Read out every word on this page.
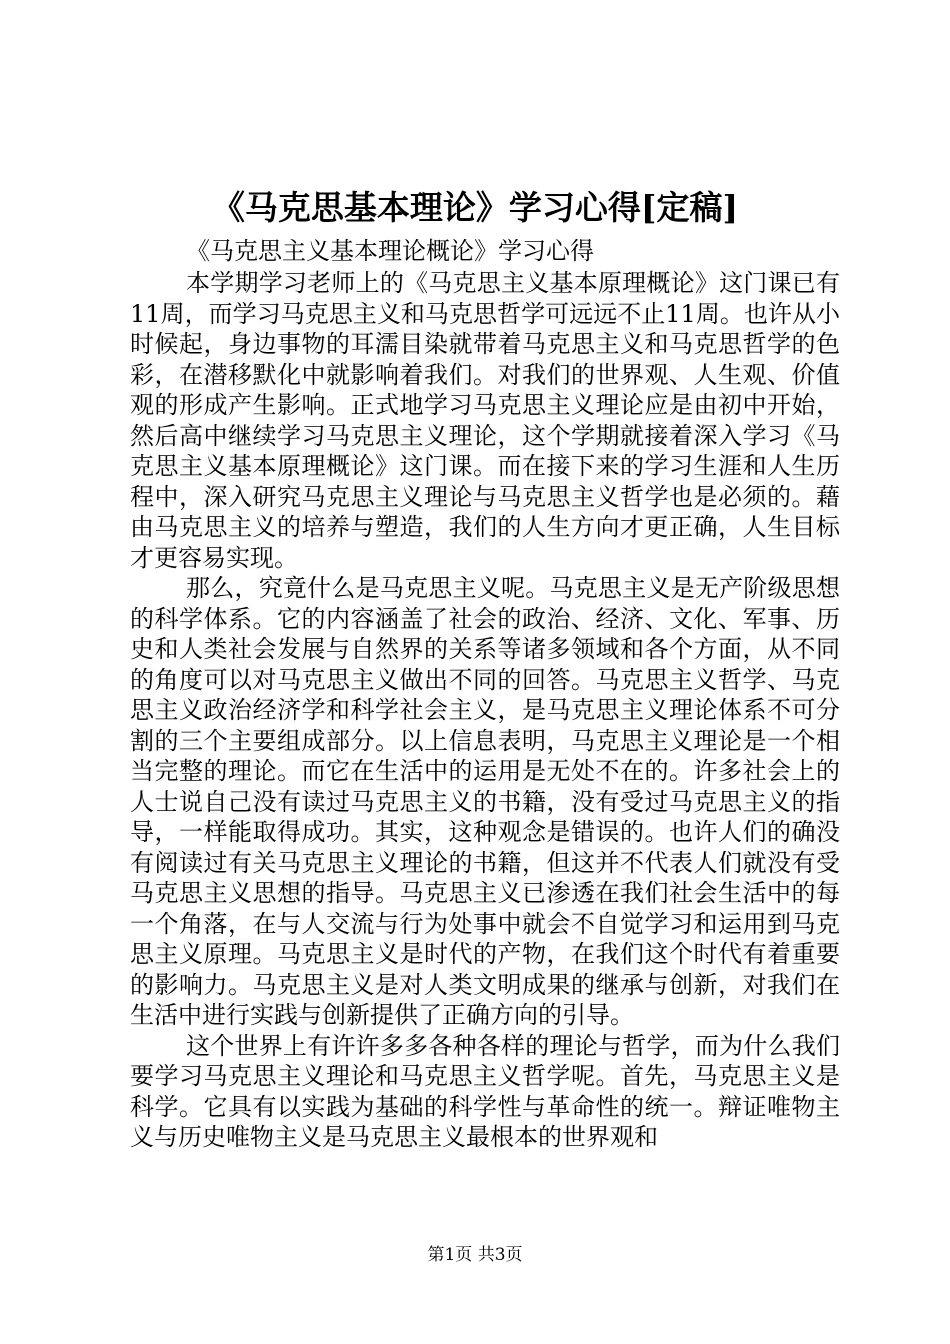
《马克思基本理论》学习心得[定稿]
《马克思主义基本理论概论》学习心得

本学期学习老师上的《马克思主义基本原理概论》这门课已有11周，而学习马克思主义和马克思哲学可远远不止11周。也许从小时候起，身边事物的耳濡目染就带着马克思主义和马克思哲学的色彩，在潜移默化中就影响着我们。对我们的世界观、人生观、价值观的形成产生影响。正式地学习马克思主义理论应是由初中开始，然后高中继续学习马克思主义理论，这个学期就接着深入学习《马克思主义基本原理概论》这门课。而在接下来的学习生涯和人生历程中，深入研究马克思主义理论与马克思主义哲学也是必须的。藉由马克思主义的培养与塑造，我们的人生方向才更正确，人生目标才更容易实现。

那么，究竟什么是马克思主义呢。马克思主义是无产阶级思想的科学体系。它的内容涵盖了社会的政治、经济、文化、军事、历史和人类社会发展与自然界的关系等诸多领域和各个方面，从不同的角度可以对马克思主义做出不同的回答。马克思主义哲学、马克思主义政治经济学和科学社会主义，是马克思主义理论体系不可分割的三个主要组成部分。以上信息表明，马克思主义理论是一个相当完整的理论。而它在生活中的运用是无处不在的。许多社会上的人士说自己没有读过马克思主义的书籍，没有受过马克思主义的指导，一样能取得成功。其实，这种观念是错误的。也许人们的确没有阅读过有关马克思主义理论的书籍，但这并不代表人们就没有受马克思主义思想的指导。马克思主义已渗透在我们社会生活中的每一个角落，在与人交流与行为处事中就会不自觉学习和运用到马克思主义原理。马克思主义是时代的产物，在我们这个时代有着重要的影响力。马克思主义是对人类文明成果的继承与创新，对我们在生活中进行实践与创新提供了正确方向的引导。

这个世界上有许许多多各种各样的理论与哲学，而为什么我们要学习马克思主义理论和马克思主义哲学呢。首先，马克思主义是科学。它具有以实践为基础的科学性与革命性的统一。辩证唯物主义与历史唯物主义是马克思主义最根本的世界观和

第1页 共3页
